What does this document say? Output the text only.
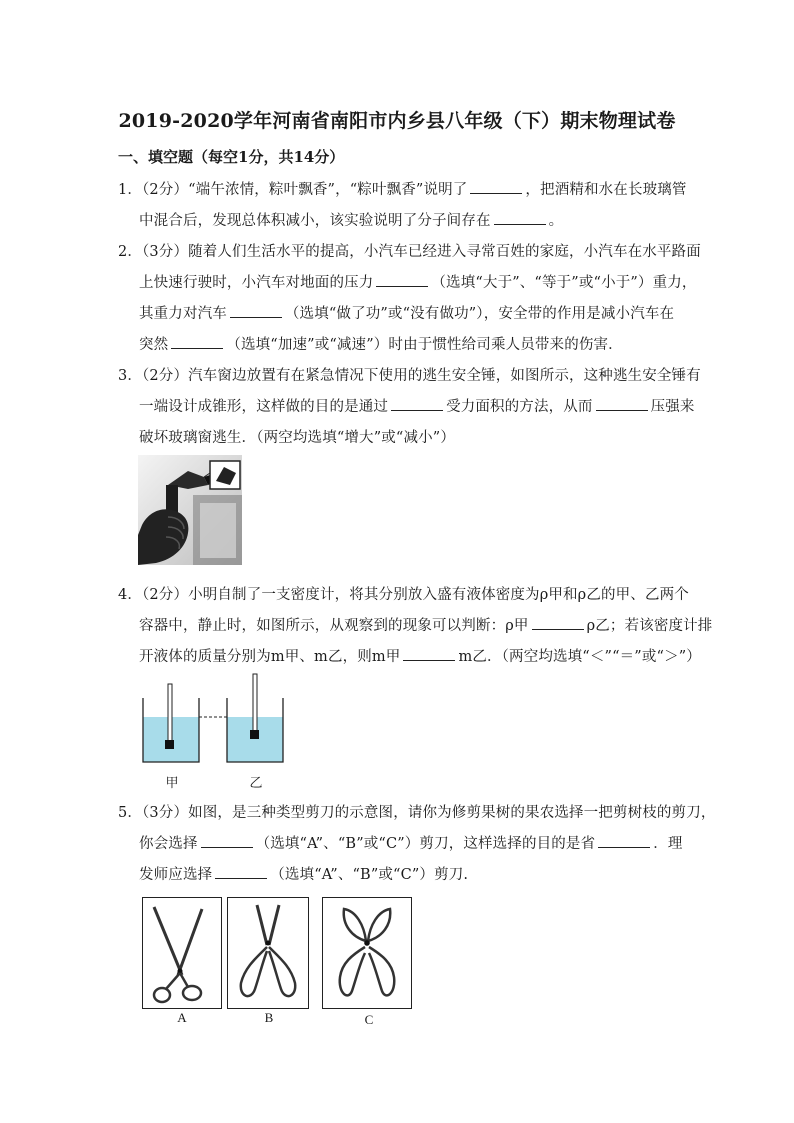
2019-2020学年河南省南阳市内乡县八年级（下）期末物理试卷
一、填空题（每空1分，共14分）
1．（2分）“端午浓情，粽叶飘香”，“粽叶飘香”说明了	，把酒精和水在长玻璃管
中混合后，发现总体积减小，该实验说明了分子间存在	。
2．（3分）随着人们生活水平的提高，小汽车已经进入寻常百姓的家庭，小汽车在水平路面
上快速行驶时，小汽车对地面的压力	（选填“大于”、“等于”或“小于”）重力，
其重力对汽车	（选填“做了功”或“没有做功”），安全带的作用是减小汽车在
突然	（选填“加速”或“减速”）时由于惯性给司乘人员带来的伤害．
3．（2分）汽车窗边放置有在紧急情况下使用的逃生安全锤，如图所示，这种逃生安全锤有
一端设计成锥形，这样做的目的是通过	受力面积的方法，从而	压强来
破坏玻璃窗逃生．（两空均选填“增大”或“减小”）
4．（2分）小明自制了一支密度计，将其分别放入盛有液体密度为ρ甲和ρ乙的甲、乙两个
容器中，静止时，如图所示，从观察到的现象可以判断：ρ甲	ρ乙；若该密度计排
开液体的质量分别为m甲、m乙，则m甲	m乙．（两空均选填“＜”“＝”或“＞”）
甲	乙
5．（3分）如图，是三种类型剪刀的示意图，请你为修剪果树的果农选择一把剪树枝的剪刀，
你会选择	（选填“A”、“B”或“C”）剪刀，这样选择的目的是省	．理
发师应选择	（选填“A”、“B”或“C”）剪刀.
A	B	C
